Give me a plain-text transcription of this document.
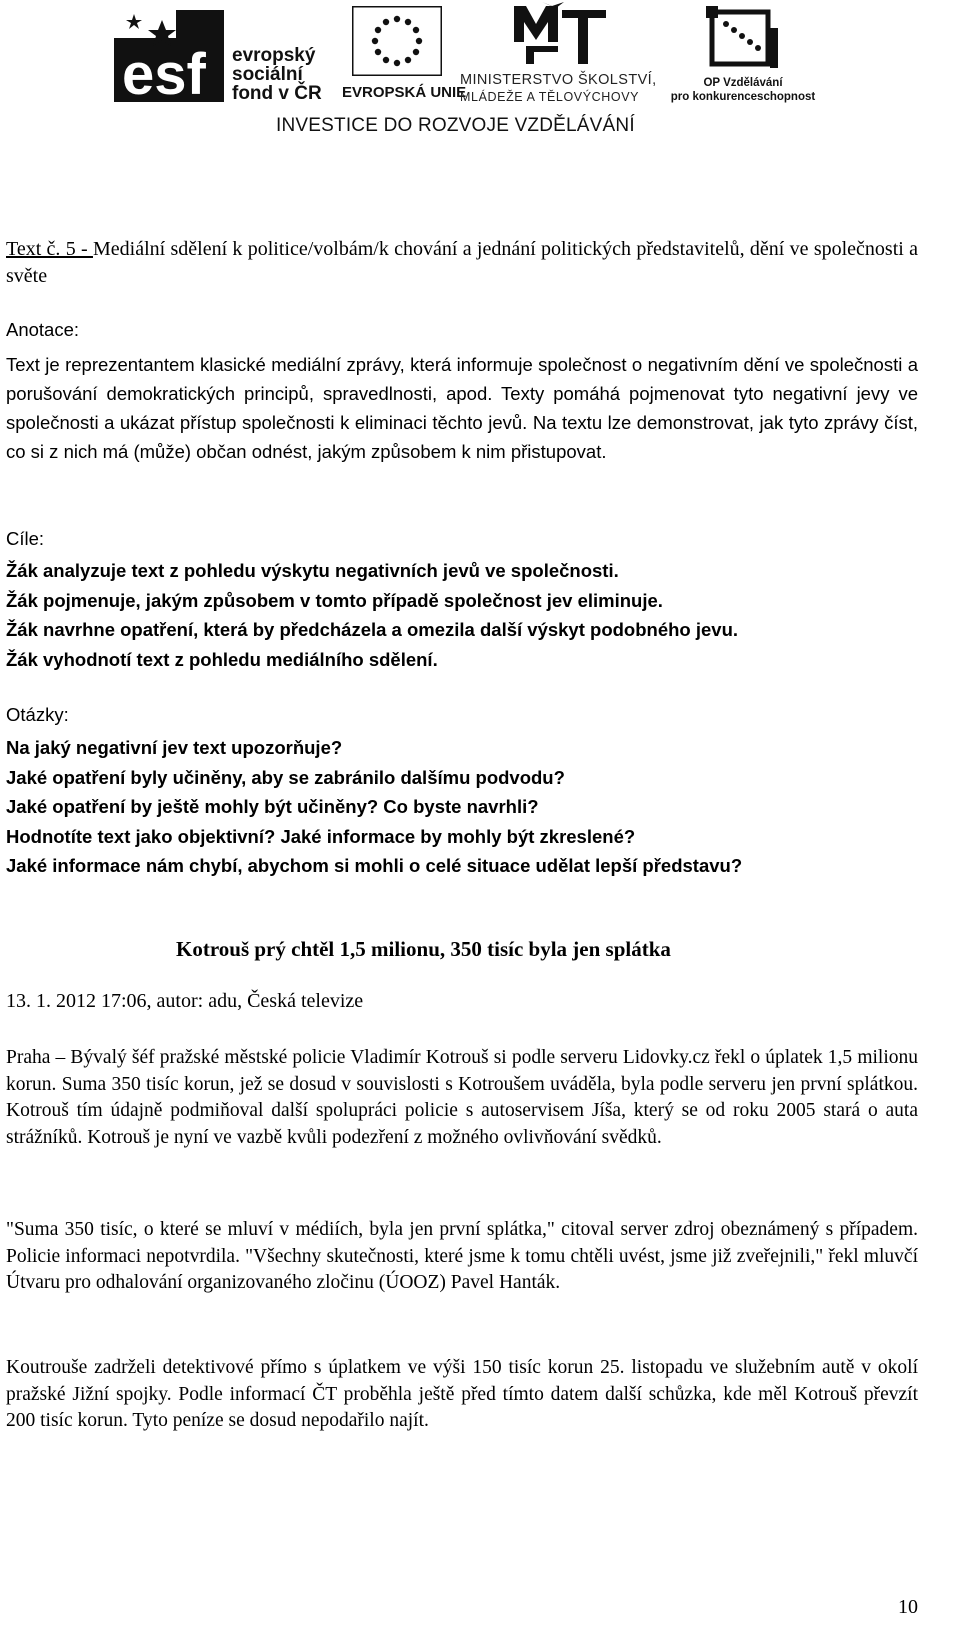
esf evropský
sociální
fond v ČR EVROPSKÁ UNIE
MINISTERSTVO ŠKOLSTVÍ,
MLÁDEŽE A TĚLOVÝCHOVY
OP Vzdělávání
pro konkurenceschopnost
INVESTICE DO ROZVOJE VZDĚLÁVÁNÍ

Text č. 5 - Mediální sdělení k politice/volbám/k chování a jednání politických představitelů, dění ve společnosti a světe

Anotace:

Text je reprezentantem klasické mediální zprávy, která informuje společnost o negativním dění ve společnosti a porušování demokratických principů, spravedlnosti, apod. Texty pomáhá pojmenovat tyto negativní jevy ve společnosti a ukázat přístup společnosti k eliminaci těchto jevů. Na textu lze demonstrovat, jak tyto zprávy číst, co si z nich má (může) občan odnést, jakým způsobem k nim přistupovat.

Cíle:

Žák analyzuje text z pohledu výskytu negativních jevů ve společnosti.
Žák pojmenuje, jakým způsobem v tomto případě společnost jev eliminuje.
Žák navrhne opatření, která by předcházela a omezila další výskyt podobného jevu.
Žák vyhodnotí text z pohledu mediálního sdělení.

Otázky:

Na jaký negativní jev text upozorňuje?
Jaké opatření byly učiněny, aby se zabránilo dalšímu podvodu?
Jaké opatření by ještě mohly být učiněny? Co byste navrhli?
Hodnotíte text jako objektivní? Jaké informace by mohly být zkreslené?
Jaké informace nám chybí, abychom si mohli o celé situace udělat lepší představu?
Kotrouš prý chtěl 1,5 milionu, 350 tisíc byla jen splátka

13. 1. 2012 17:06, autor: adu, Česká televize

Praha – Bývalý šéf pražské městské policie Vladimír Kotrouš si podle serveru Lidovky.cz řekl o úplatek 1,5 milionu korun. Suma 350 tisíc korun, jež se dosud v souvislosti s Kotroušem uváděla, byla podle serveru jen první splátkou. Kotrouš tím údajně podmiňoval další spolupráci policie s autoservisem Jíša, který se od roku 2005 stará o auta strážníků. Kotrouš je nyní ve vazbě kvůli podezření z možného ovlivňování svědků.

"Suma 350 tisíc, o které se mluví v médiích, byla jen první splátka," citoval server zdroj obeznámený s případem. Policie informaci nepotvrdila. "Všechny skutečnosti, které jsme k tomu chtěli uvést, jsme již zveřejnili," řekl mluvčí Útvaru pro odhalování organizovaného zločinu (ÚOOZ) Pavel Hanták.

Koutrouše zadrželi detektivové přímo s úplatkem ve výši 150 tisíc korun 25. listopadu ve služebním autě v okolí pražské Jižní spojky. Podle informací ČT proběhla ještě před tímto datem další schůzka, kde měl Kotrouš převzít 200 tisíc korun. Tyto peníze se dosud nepodařilo najít.

10
